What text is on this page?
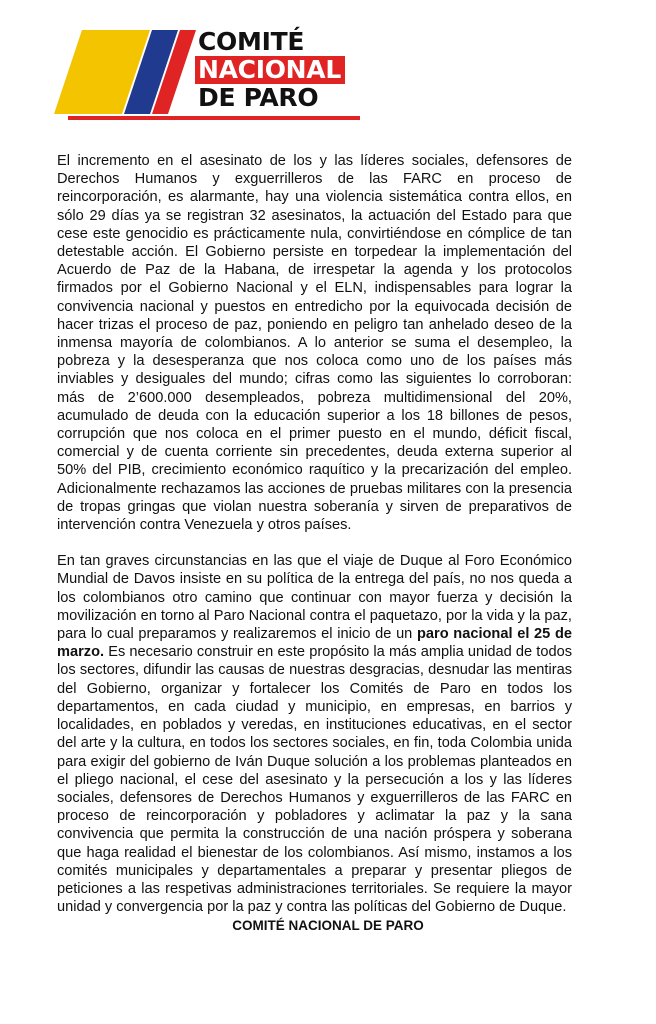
COMITÉ
NACIONAL
DE PARO

El incremento en el asesinato de los y las líderes sociales, defensores de Derechos Humanos y exguerrilleros de las FARC en proceso de reincorporación, es alarmante, hay una violencia sistemática contra ellos, en sólo 29 días ya se registran 32 asesinatos, la actuación del Estado para que cese este genocidio es prácticamente nula, convirtiéndose en cómplice de tan detestable acción. El Gobierno persiste en torpedear la implementación del Acuerdo de Paz de la Habana, de irrespetar la agenda y los protocolos firmados por el Gobierno Nacional y el ELN, indispensables para lograr la convivencia nacional y puestos en entredicho por la equivocada decisión de hacer trizas el proceso de paz, poniendo en peligro tan anhelado deseo de la inmensa mayoría de colombianos. A lo anterior se suma el desempleo, la pobreza y la desesperanza que nos coloca como uno de los países más inviables y desiguales del mundo; cifras como las siguientes lo corroboran: más de 2’600.000 desempleados, pobreza multidimensional del 20%, acumulado de deuda con la educación superior a los 18 billones de pesos, corrupción que nos coloca en el primer puesto en el mundo, déficit fiscal, comercial y de cuenta corriente sin precedentes, deuda externa superior al 50% del PIB, crecimiento económico raquítico y la precarización del empleo. Adicionalmente rechazamos las acciones de pruebas militares con la presencia de tropas gringas que violan nuestra soberanía y sirven de preparativos de intervención contra Venezuela y otros países.

En tan graves circunstancias en las que el viaje de Duque al Foro Económico Mundial de Davos insiste en su política de la entrega del país, no nos queda a los colombianos otro camino que continuar con mayor fuerza y decisión la movilización en torno al Paro Nacional contra el paquetazo, por la vida y la paz, para lo cual preparamos y realizaremos el inicio de un paro nacional el 25 de marzo. Es necesario construir en este propósito la más amplia unidad de todos los sectores, difundir las causas de nuestras desgracias, desnudar las mentiras del Gobierno, organizar y fortalecer los Comités de Paro en todos los departamentos, en cada ciudad y municipio, en empresas, en barrios y localidades, en poblados y veredas, en instituciones educativas, en el sector del arte y la cultura, en todos los sectores sociales, en fin, toda Colombia unida para exigir del gobierno de Iván Duque solución a los problemas planteados en el pliego nacional, el cese del asesinato y la persecución a los y las líderes sociales, defensores de Derechos Humanos y exguerrilleros de las FARC en proceso de reincorporación y pobladores y aclimatar la paz y la sana convivencia que permita la construcción de una nación próspera y soberana que haga realidad el bienestar de los colombianos. Así mismo, instamos a los comités municipales y departamentales a preparar y presentar pliegos de peticiones a las respetivas administraciones territoriales. Se requiere la mayor unidad y convergencia por la paz y contra las políticas del Gobierno de Duque.

COMITÉ NACIONAL DE PARO
